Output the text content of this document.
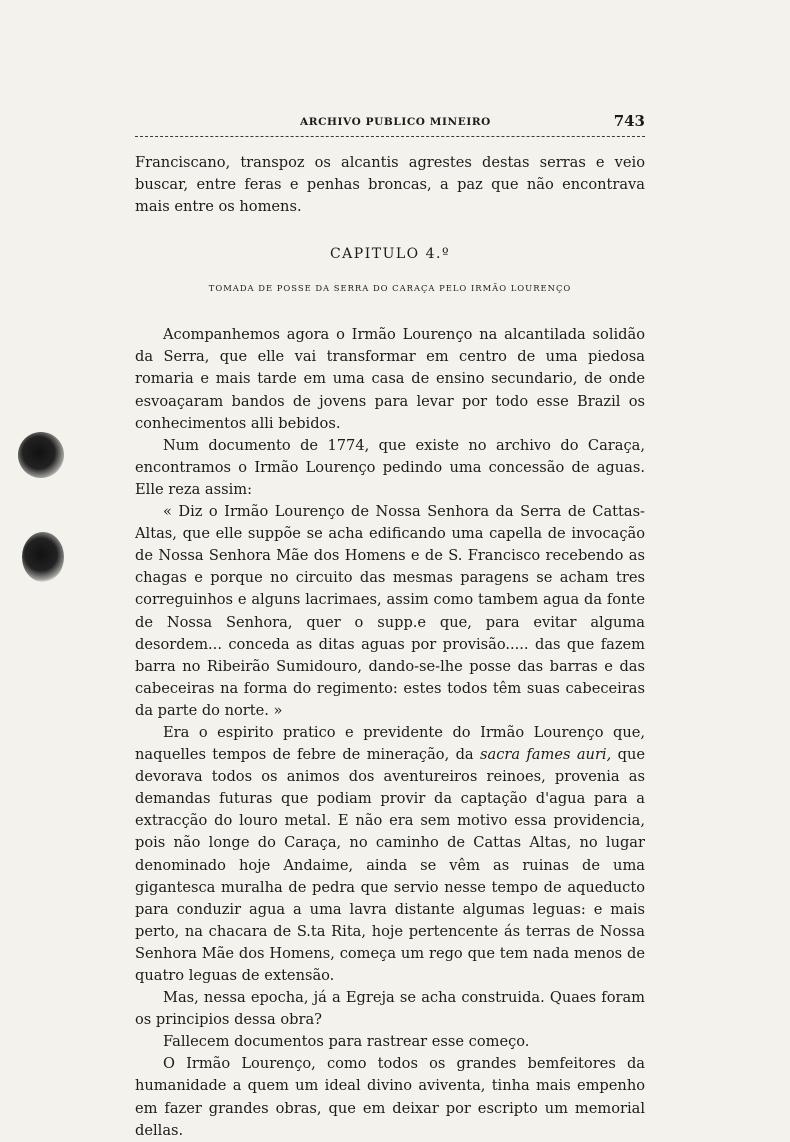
ARCHIVO PUBLICO MINEIRO	743

Franciscano, transpoz os alcantis agrestes destas serras e veio buscar, entre feras e penhas broncas, a paz que não encontrava mais entre os homens.

CAPITULO 4.º
TOMADA DE POSSE DA SERRA DO CARAÇA PELO IRMÃO LOURENÇO

Acompanhemos agora o Irmão Lourenço na alcantilada solidão da Serra, que elle vai transformar em centro de uma piedosa romaria e mais tarde em uma casa de ensino secundario, de onde esvoaçaram bandos de jovens para levar por todo esse Brazil os conhecimentos alli bebidos.

Num documento de 1774, que existe no archivo do Caraça, encontramos o Irmão Lourenço pedindo uma concessão de aguas. Elle reza assim:

« Diz o Irmão Lourenço de Nossa Senhora da Serra de Cattas-Altas, que elle suppõe se acha edificando uma capella de invocação de Nossa Senhora Mãe dos Homens e de S. Francisco recebendo as chagas e porque no circuito das mesmas paragens se acham tres correguinhos e alguns lacrimaes, assim como tambem agua da fonte de Nossa Senhora, quer o supp.e que, para evitar alguma desordem... conceda as ditas aguas por provisão..... das que fazem barra no Ribeirão Sumidouro, dando-se-lhe posse das barras e das cabeceiras na forma do regimento: estes todos têm suas cabeceiras da parte do norte. »

Era o espirito pratico e previdente do Irmão Lourenço que, naquelles tempos de febre de mineração, da sacra fames auri, que devorava todos os animos dos aventureiros reinoes, provenia as demandas futuras que podiam provir da captação d'agua para a extracção do louro metal. E não era sem motivo essa providencia, pois não longe do Caraça, no caminho de Cattas Altas, no lugar denominado hoje Andaime, ainda se vêm as ruinas de uma gigantesca muralha de pedra que servio nesse tempo de aqueducto para conduzir agua a uma lavra distante algumas leguas: e mais perto, na chacara de S.ta Rita, hoje pertencente ás terras de Nossa Senhora Mãe dos Homens, começa um rego que tem nada menos de quatro leguas de extensão.

Mas, nessa epocha, já a Egreja se acha construida. Quaes foram os principios dessa obra?

Fallecem documentos para rastrear esse começo.

O Irmão Lourenço, como todos os grandes bemfeitores da humanidade a quem um ideal divino aviventa, tinha mais empenho em fazer grandes obras, que em deixar por escripto um memorial dellas.
